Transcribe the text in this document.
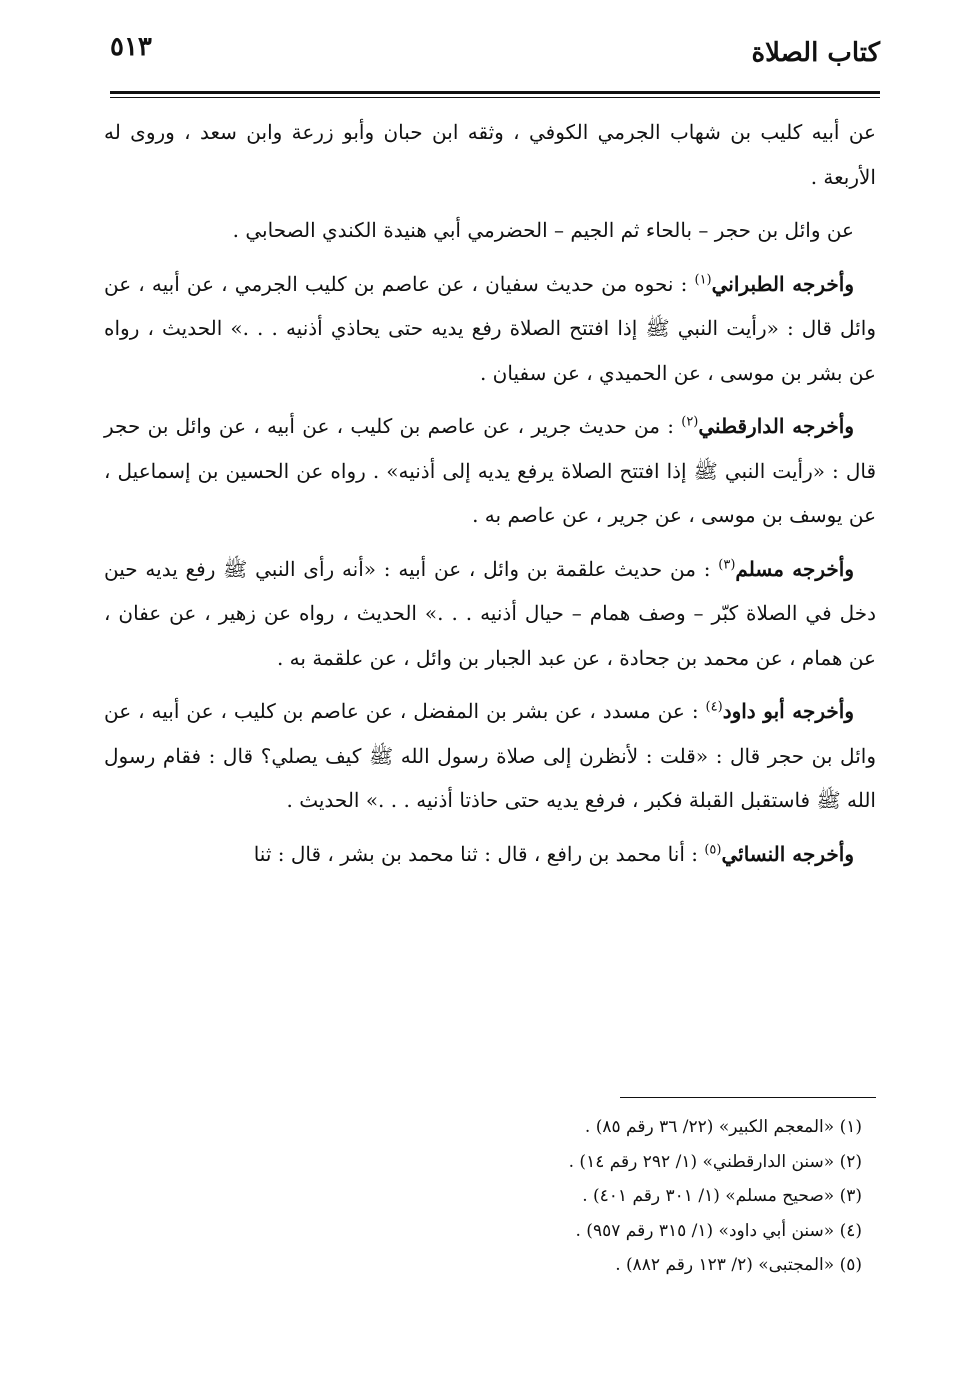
كتاب الصلاة
٥١٣

عن أبيه كليب بن شهاب الجرمي الكوفي ، وثقه ابن حبان وأبو زرعة وابن سعد ، وروى له الأربعة .

عن وائل بن حجر – بالحاء ثم الجيم – الحضرمي أبي هنيدة الكندي الصحابي .

وأخرجه الطبراني$^{(١)}$ : نحوه من حديث سفيان ، عن عاصم بن كليب الجرمي ، عن أبيه ، عن وائل قال : «رأيت النبي ﷺ إذا افتتح الصلاة رفع يديه حتى يحاذي أذنيه . . .» الحديث ، رواه عن بشر بن موسى ، عن الحميدي ، عن سفيان .

وأخرجه الدارقطني$^{(٢)}$ : من حديث جرير ، عن عاصم بن كليب ، عن أبيه ، عن وائل بن حجر قال : «رأيت النبي ﷺ إذا افتتح الصلاة يرفع يديه إلى أذنيه» . رواه عن الحسين بن إسماعيل ، عن يوسف بن موسى ، عن جرير ، عن عاصم به .

وأخرجه مسلم$^{(٣)}$ : من حديث علقمة بن وائل ، عن أبيه : «أنه رأى النبي ﷺ رفع يديه حين دخل في الصلاة كبّر – وصف همام – حيال أذنيه . . .» الحديث ، رواه عن زهير ، عن عفان ، عن همام ، عن محمد بن جحادة ، عن عبد الجبار بن وائل ، عن علقمة به .

وأخرجه أبو داود$^{(٤)}$ : عن مسدد ، عن بشر بن المفضل ، عن عاصم بن كليب ، عن أبيه ، عن وائل بن حجر قال : «قلت : لأنظرن إلى صلاة رسول الله ﷺ كيف يصلي؟ قال : فقام رسول الله ﷺ فاستقبل القبلة فكبر ، فرفع يديه حتى حاذتا أذنيه . . .» الحديث .

وأخرجه النسائي$^{(٥)}$ : أنا محمد بن رافع ، قال : ثنا محمد بن بشر ، قال : ثنا

(١) «المعجم الكبير» (٢٢/ ٣٦ رقم ٨٥) .
(٢) «سنن الدارقطني» (١/ ٢٩٢ رقم ١٤) .
(٣) «صحيح مسلم» (١/ ٣٠١ رقم ٤٠١) .
(٤) «سنن أبي داود» (١/ ٣١٥ رقم ٩٥٧) .
(٥) «المجتبى» (٢/ ١٢٣ رقم ٨٨٢) .
